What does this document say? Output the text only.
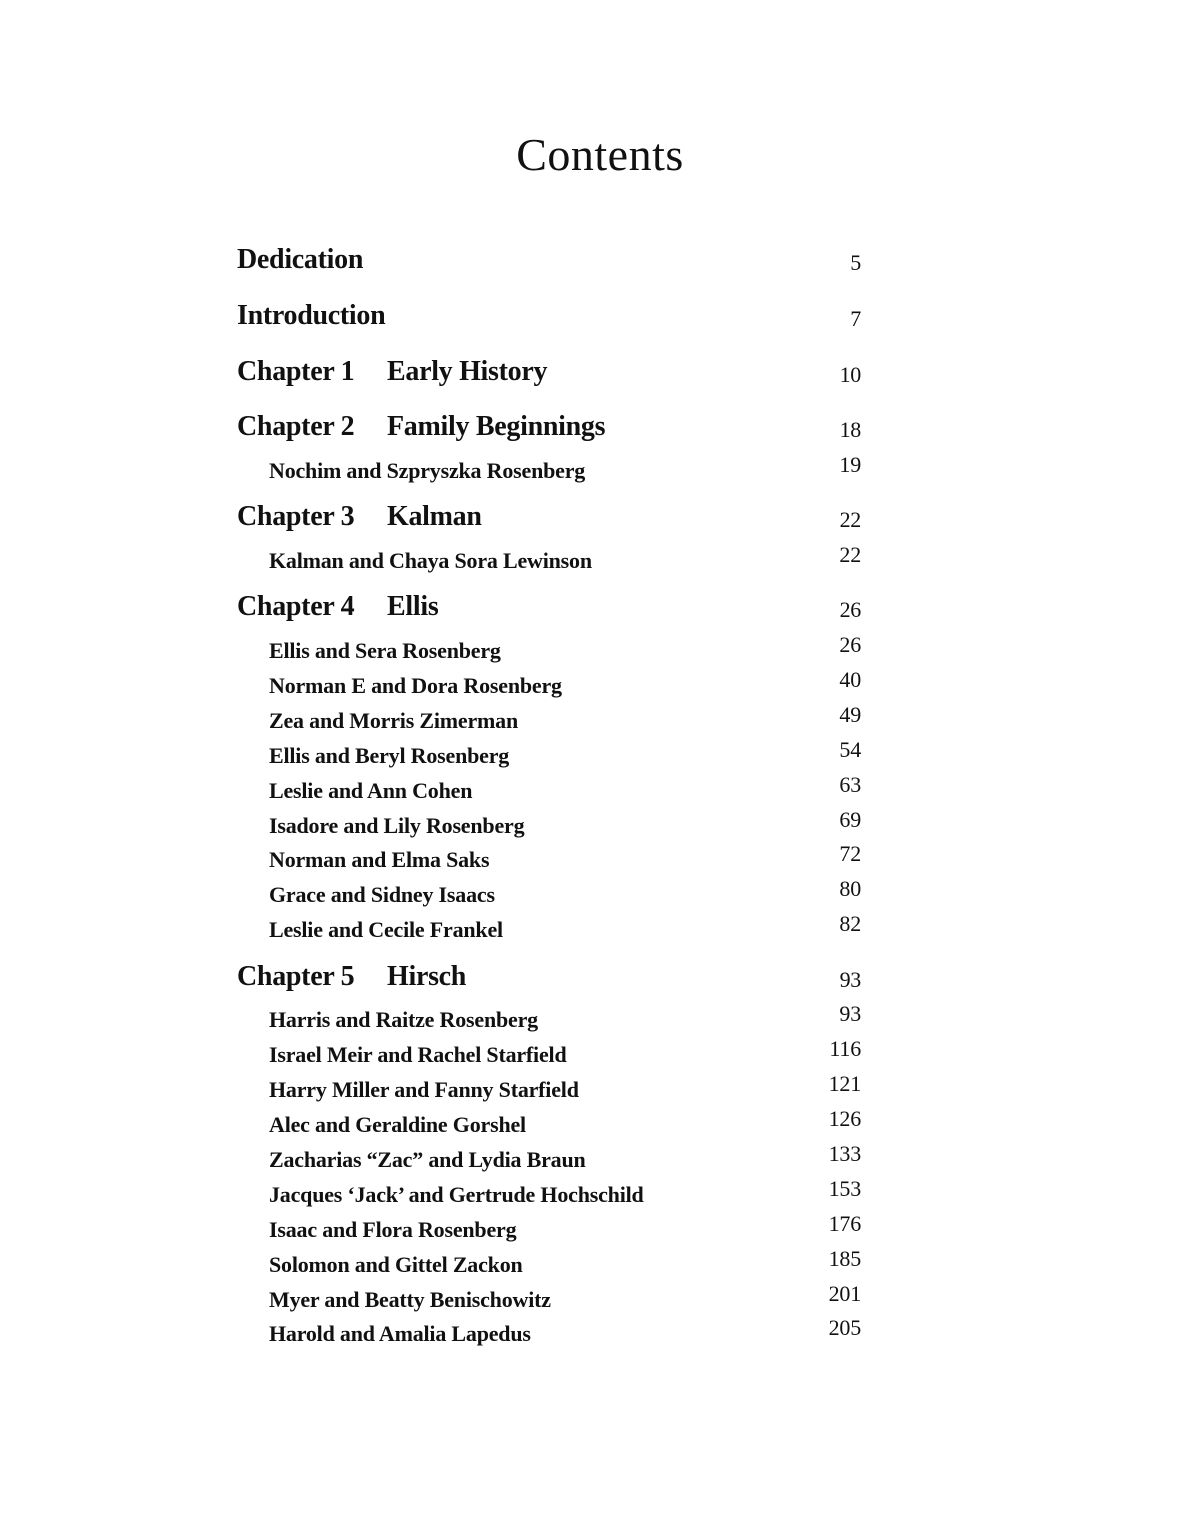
Contents
Dedication	5
Introduction	7
Chapter 1 Early History	10
Chapter 2 Family Beginnings	18
Nochim and Szpryszka Rosenberg	19
Chapter 3 Kalman	22
Kalman and Chaya Sora Lewinson	22
Chapter 4 Ellis	26
Ellis and Sera Rosenberg	26
Norman E and Dora Rosenberg	40
Zea and Morris Zimerman	49
Ellis and Beryl Rosenberg	54
Leslie and Ann Cohen	63
Isadore and Lily Rosenberg	69
Norman and Elma Saks	72
Grace and Sidney Isaacs	80
Leslie and Cecile Frankel	82
Chapter 5 Hirsch	93
Harris and Raitze Rosenberg	93
Israel Meir and Rachel Starfield	116
Harry Miller and Fanny Starfield	121
Alec and Geraldine Gorshel	126
Zacharias “Zac” and Lydia Braun	133
Jacques ‘Jack’ and Gertrude Hochschild	153
Isaac and Flora Rosenberg	176
Solomon and Gittel Zackon	185
Myer and Beatty Benischowitz	201
Harold and Amalia Lapedus	205
